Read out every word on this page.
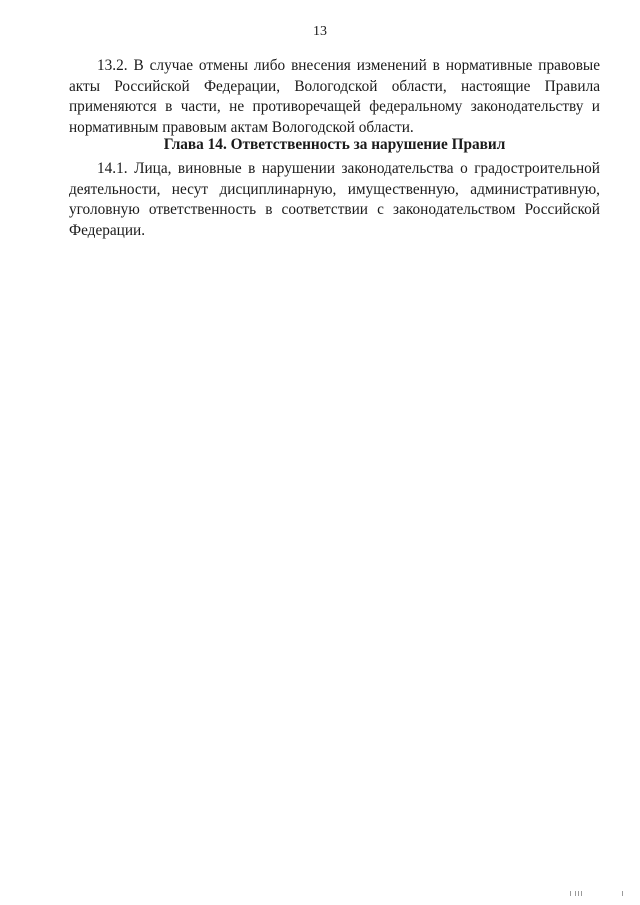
13

13.2. В случае отмены либо внесения изменений в нормативные правовые акты Российской Федерации, Вологодской области, настоящие Правила применяются в части, не противоречащей федеральному законодательству и нормативным правовым актам Вологодской области.

Глава 14. Ответственность за нарушение Правил

14.1. Лица, виновные в нарушении законодательства о градостроительной деятельности, несут дисциплинарную, имущественную, административную, уголовную ответственность в соответствии с законодательством Российской Федерации.
